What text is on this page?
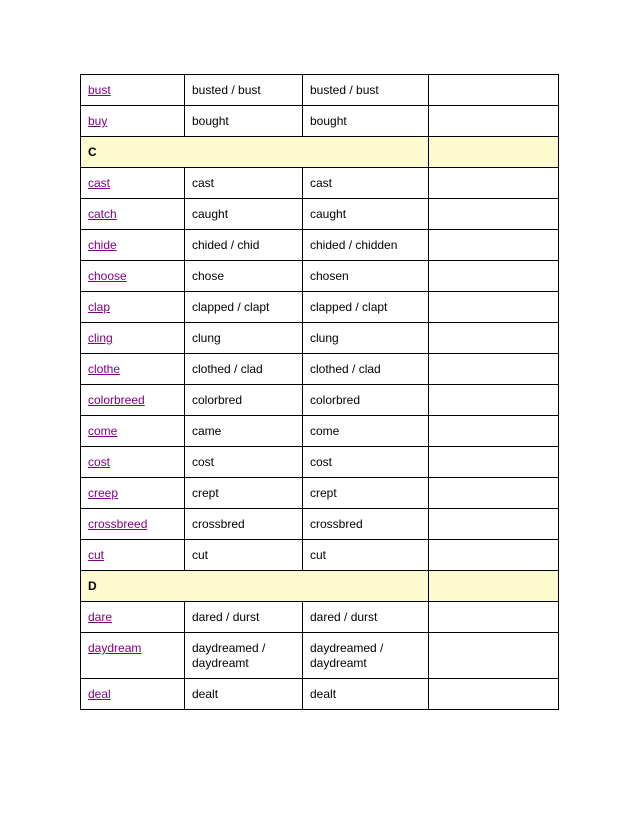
bust	busted / bust	busted / bust	
buy	bought	bought	
C			
cast	cast	cast	
catch	caught	caught	
chide	chided / chid	chided / chidden	
choose	chose	chosen	
clap	clapped / clapt	clapped / clapt	
cling	clung	clung	
clothe	clothed / clad	clothed / clad	
colorbreed	colorbred	colorbred	
come	came	come	
cost	cost	cost	
creep	crept	crept	
crossbreed	crossbred	crossbred	
cut	cut	cut	
D			
dare	dared / durst	dared / durst	
daydream	daydreamed / daydreamt	daydreamed / daydreamt	
deal	dealt	dealt	
